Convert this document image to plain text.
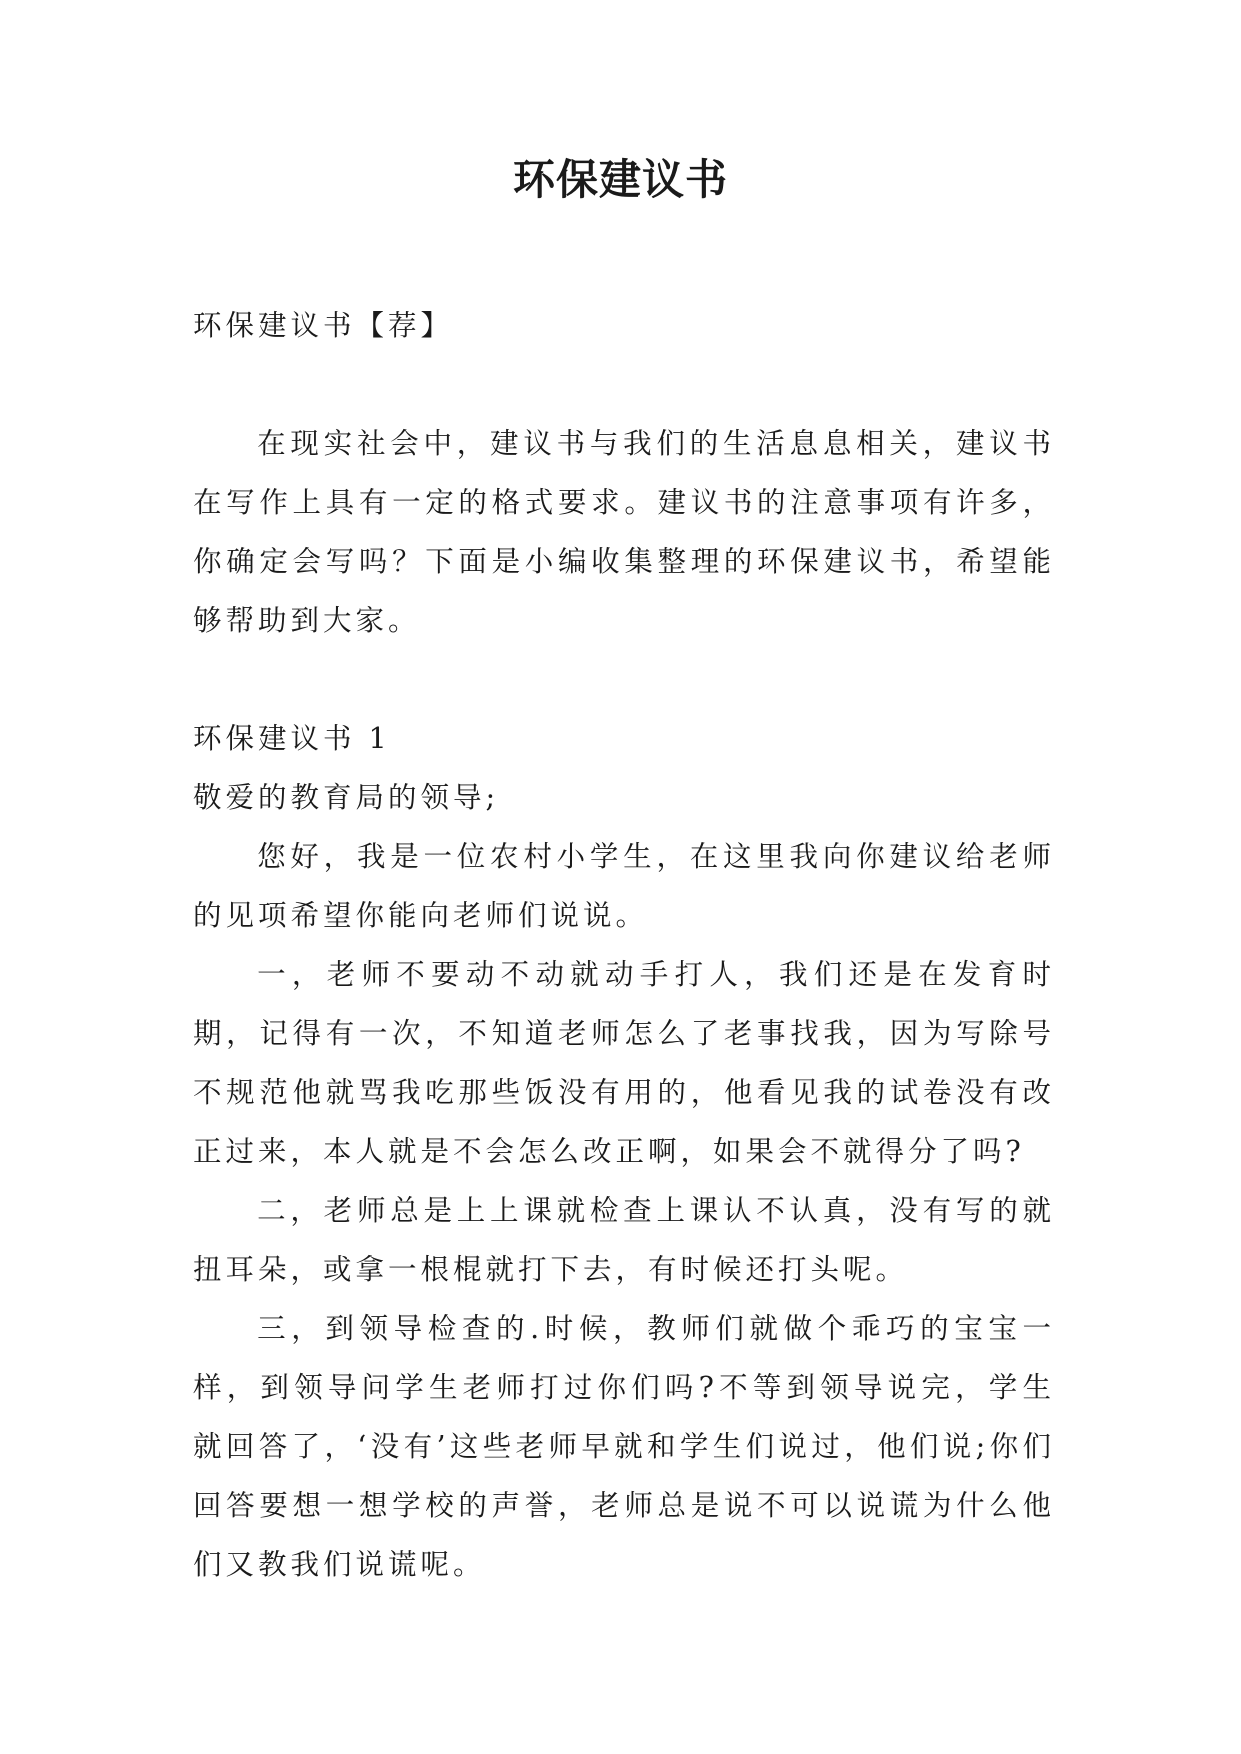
环保建议书

环保建议书【荐】

在现实社会中，建议书与我们的生活息息相关，建议书在写作上具有一定的格式要求。建议书的注意事项有许多，你确定会写吗？下面是小编收集整理的环保建议书，希望能够帮助到大家。

环保建议书 1

敬爱的教育局的领导;

您好，我是一位农村小学生，在这里我向你建议给老师的见项希望你能向老师们说说。

一，老师不要动不动就动手打人，我们还是在发育时期，记得有一次，不知道老师怎么了老事找我，因为写除号不规范他就骂我吃那些饭没有用的，他看见我的试卷没有改正过来，本人就是不会怎么改正啊，如果会不就得分了吗?

二，老师总是上上课就检查上课认不认真，没有写的就扭耳朵，或拿一根棍就打下去，有时候还打头呢。

三，到领导检查的.时候，教师们就做个乖巧的宝宝一样，到领导问学生老师打过你们吗?不等到领导说完，学生就回答了，‘没有’这些老师早就和学生们说过，他们说;你们回答要想一想学校的声誉，老师总是说不可以说谎为什么他们又教我们说谎呢。
